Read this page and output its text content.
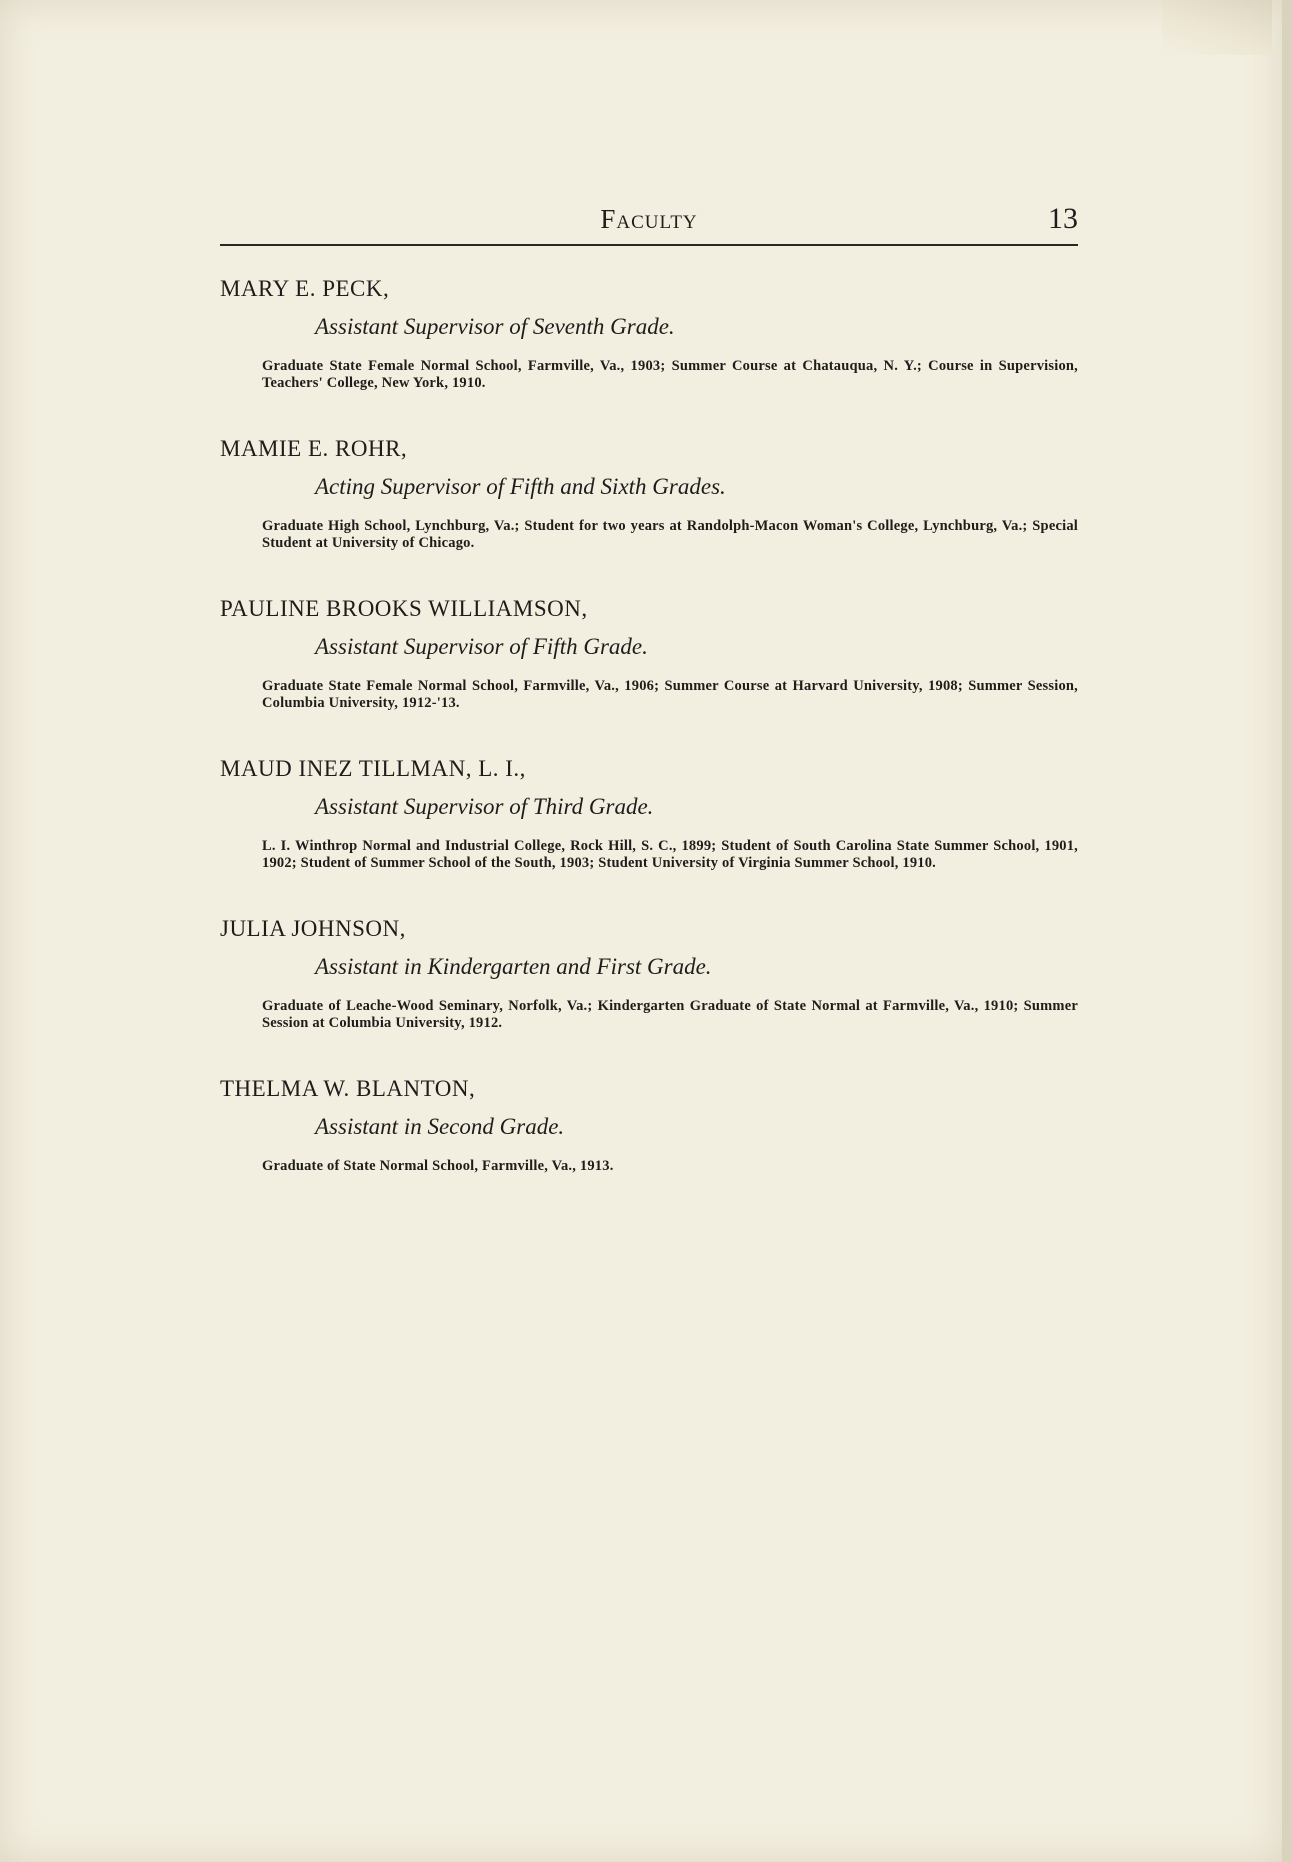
Faculty	13

MARY E. PECK,

Assistant Supervisor of Seventh Grade.

Graduate State Female Normal School, Farmville, Va., 1903; Summer Course at Chatauqua, N. Y.; Course in Supervision, Teachers' College, New York, 1910.

MAMIE E. ROHR,

Acting Supervisor of Fifth and Sixth Grades.

Graduate High School, Lynchburg, Va.; Student for two years at Randolph-Macon Woman's College, Lynchburg, Va.; Special Student at University of Chicago.

PAULINE BROOKS WILLIAMSON,

Assistant Supervisor of Fifth Grade.

Graduate State Female Normal School, Farmville, Va., 1906; Summer Course at Harvard University, 1908; Summer Session, Columbia University, 1912-'13.

MAUD INEZ TILLMAN, L. I.,

Assistant Supervisor of Third Grade.

L. I. Winthrop Normal and Industrial College, Rock Hill, S. C., 1899; Student of South Carolina State Summer School, 1901, 1902; Student of Summer School of the South, 1903; Student University of Virginia Summer School, 1910.

JULIA JOHNSON,

Assistant in Kindergarten and First Grade.

Graduate of Leache-Wood Seminary, Norfolk, Va.; Kindergarten Graduate of State Normal at Farmville, Va., 1910; Summer Session at Columbia University, 1912.

THELMA W. BLANTON,

Assistant in Second Grade.

Graduate of State Normal School, Farmville, Va., 1913.
